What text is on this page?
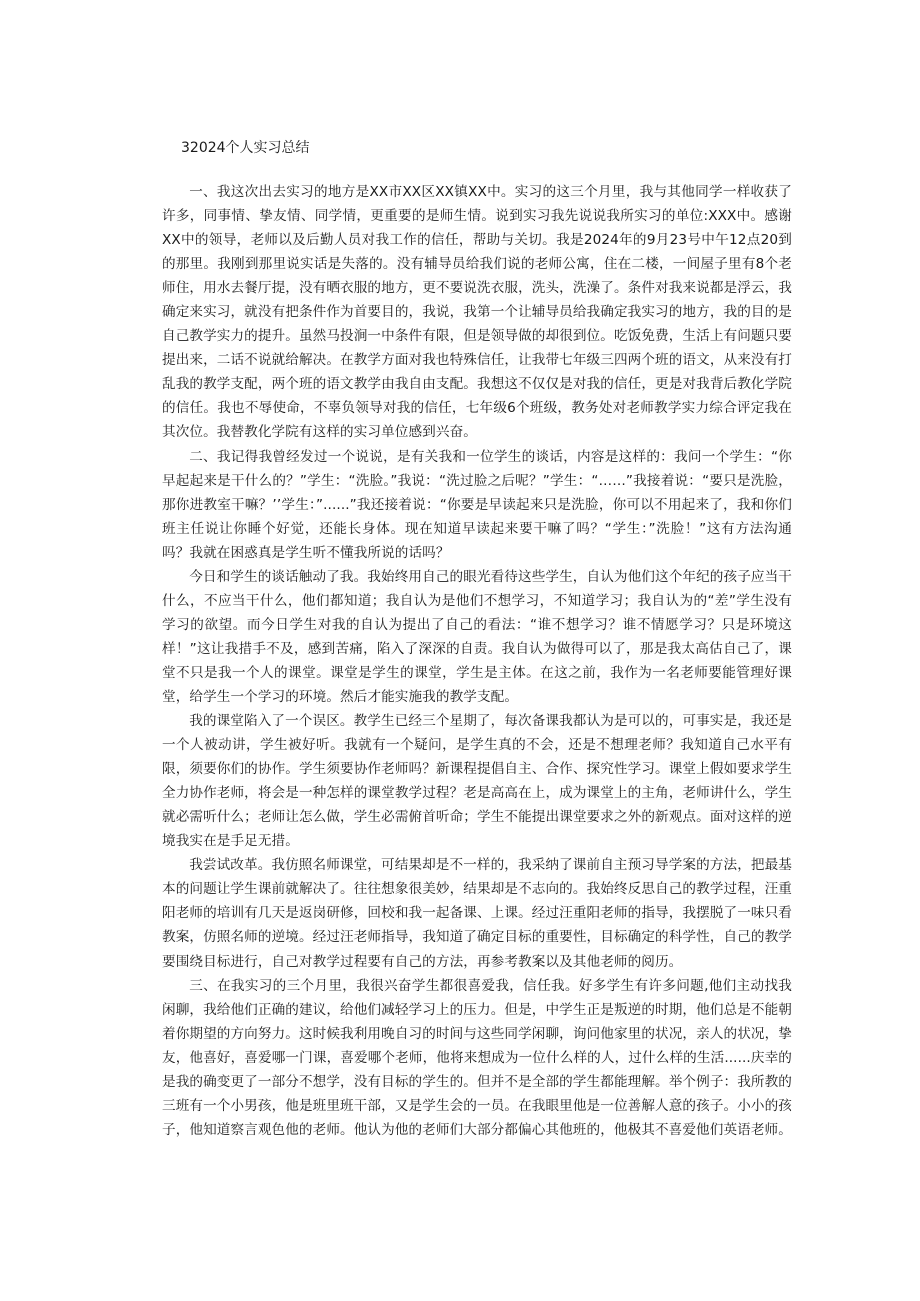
32024个人实习总结

一、我这次出去实习的地方是XX市XX区XX镇XX中。实习的这三个月里，我与其他同学一样收获了许多，同事情、挚友情、同学情，更重要的是师生情。说到实习我先说说我所实习的单位:XXX中。感谢XX中的领导，老师以及后勤人员对我工作的信任，帮助与关切。我是2024年的9月23号中午12点20到的那里。我刚到那里说实话是失落的。没有辅导员给我们说的老师公寓，住在二楼，一间屋子里有8个老师住，用水去餐厅提，没有晒衣服的地方，更不要说洗衣服，洗头，洗澡了。条件对我来说都是浮云，我确定来实习，就没有把条件作为首要目的，我说，我第一个让辅导员给我确定我实习的地方，我的目的是自己教学实力的提升。虽然马投涧一中条件有限，但是领导做的却很到位。吃饭免费，生活上有问题只要提出来，二话不说就给解决。在教学方面对我也特殊信任，让我带七年级三四两个班的语文，从来没有打乱我的教学支配，两个班的语文教学由我自由支配。我想这不仅仅是对我的信任，更是对我背后教化学院的信任。我也不辱使命，不辜负领导对我的信任，七年级6个班级，教务处对老师教学实力综合评定我在其次位。我替教化学院有这样的实习单位感到兴奋。

二、我记得我曾经发过一个说说，是有关我和一位学生的谈话，内容是这样的：我问一个学生：“你早起起来是干什么的？”学生：“洗脸。”我说：“洗过脸之后呢？”学生：“……”我接着说：“要只是洗脸，那你进教室干嘛？’’学生：”......”我还接着说：“你要是早读起来只是洗脸，你可以不用起来了，我和你们班主任说让你睡个好觉，还能长身体。现在知道早读起来要干嘛了吗？“学生：”洗脸！”这有方法沟通吗？我就在困惑真是学生听不懂我所说的话吗？

今日和学生的谈话触动了我。我始终用自己的眼光看待这些学生，自认为他们这个年纪的孩子应当干什么，不应当干什么，他们都知道；我自认为是他们不想学习，不知道学习；我自认为的“差”学生没有学习的欲望。而今日学生对我的自认为提出了自己的看法：“谁不想学习？谁不情愿学习？只是环境这样！”这让我措手不及，感到苦痛，陷入了深深的自责。我自认为做得可以了，那是我太高估自己了，课堂不只是我一个人的课堂。课堂是学生的课堂，学生是主体。在这之前，我作为一名老师要能管理好课堂，给学生一个学习的环境。然后才能实施我的教学支配。

我的课堂陷入了一个误区。教学生已经三个星期了，每次备课我都认为是可以的，可事实是，我还是一个人被动讲，学生被好听。我就有一个疑问，是学生真的不会，还是不想理老师？我知道自己水平有限，须要你们的协作。学生须要协作老师吗？新课程提倡自主、合作、探究性学习。课堂上假如要求学生全力协作老师，将会是一种怎样的课堂教学过程？老是高高在上，成为课堂上的主角，老师讲什么，学生就必需听什么；老师让怎么做，学生必需俯首听命；学生不能提出课堂要求之外的新观点。面对这样的逆境我实在是手足无措。

我尝试改革。我仿照名师课堂，可结果却是不一样的，我采纳了课前自主预习导学案的方法，把最基本的问题让学生课前就解决了。往往想象很美妙，结果却是不志向的。我始终反思自己的教学过程，汪重阳老师的培训有几天是返岗研修，回校和我一起备课、上课。经过汪重阳老师的指导，我摆脱了一味只看教案，仿照名师的逆境。经过汪老师指导，我知道了确定目标的重要性，目标确定的科学性，自己的教学要围绕目标进行，自己对教学过程要有自己的方法，再参考教案以及其他老师的阅历。

三、在我实习的三个月里，我很兴奋学生都很喜爱我，信任我。好多学生有许多问题,他们主动找我闲聊，我给他们正确的建议，给他们减轻学习上的压力。但是，中学生正是叛逆的时期，他们总是不能朝着你期望的方向努力。这时候我利用晚自习的时间与这些同学闲聊，询问他家里的状况，亲人的状况，挚友，他喜好，喜爱哪一门课，喜爱哪个老师，他将来想成为一位什么样的人，过什么样的生活......庆幸的是我的确变更了一部分不想学，没有目标的学生的。但并不是全部的学生都能理解。举个例子：我所教的三班有一个小男孩，他是班里班干部，又是学生会的一员。在我眼里他是一位善解人意的孩子。小小的孩子，他知道察言观色他的老师。他认为他的老师们大部分都偏心其他班的，他极其不喜爱他们英语老师。
